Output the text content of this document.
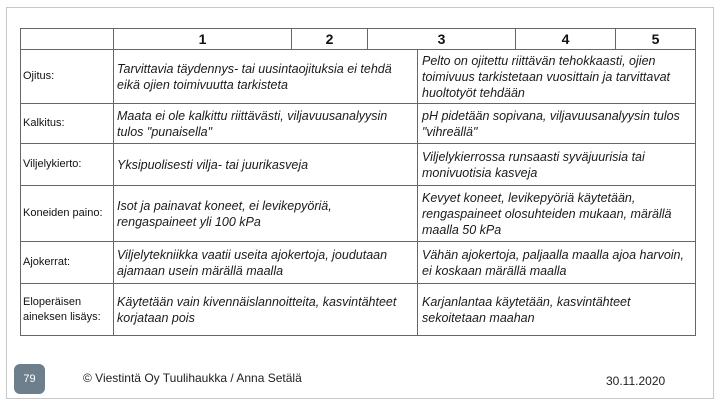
	1	2	3		4	5
Ojitus:	Tarvittavia täydennys- tai uusintaojituksia ei tehdä eikä ojien toimivuutta tarkisteta			Pelto on ojitettu riittävän tehokkaasti, ojien toimivuus tarkistetaan vuosittain ja tarvittavat huoltotyöt tehdään		
Kalkitus:	Maata ei ole kalkittu riittävästi, viljavuusanalyysin tulos "punaisella"			pH pidetään sopivana, viljavuusanalyysin tulos "vihreällä"		
Viljelykierto:	Yksipuolisesti vilja- tai juurikasveja			Viljelykierrossa runsaasti syväjuurisia tai monivuotisia kasveja		
Koneiden paino:	Isot ja painavat koneet, ei levikepyöriä, rengaspaineet yli 100 kPa			Kevyet koneet, levikepyöriä käytetään, rengaspaineet olosuhteiden mukaan, märällä maalla 50 kPa		
Ajokerrat:	Viljelytekniikka vaatii useita ajokertoja, joudutaan ajamaan usein märällä maalla			Vähän ajokertoja, paljaalla maalla ajoa harvoin, ei koskaan märällä maalla		
Eloperäisen aineksen lisäys:	Käytetään vain kivennäislannoitteita, kasvintähteet korjataan pois			Karjanlantaa käytetään, kasvintähteet sekoitetaan maahan		
79	© Viestintä Oy Tuulihaukka / Anna Setälä	30.11.2020
